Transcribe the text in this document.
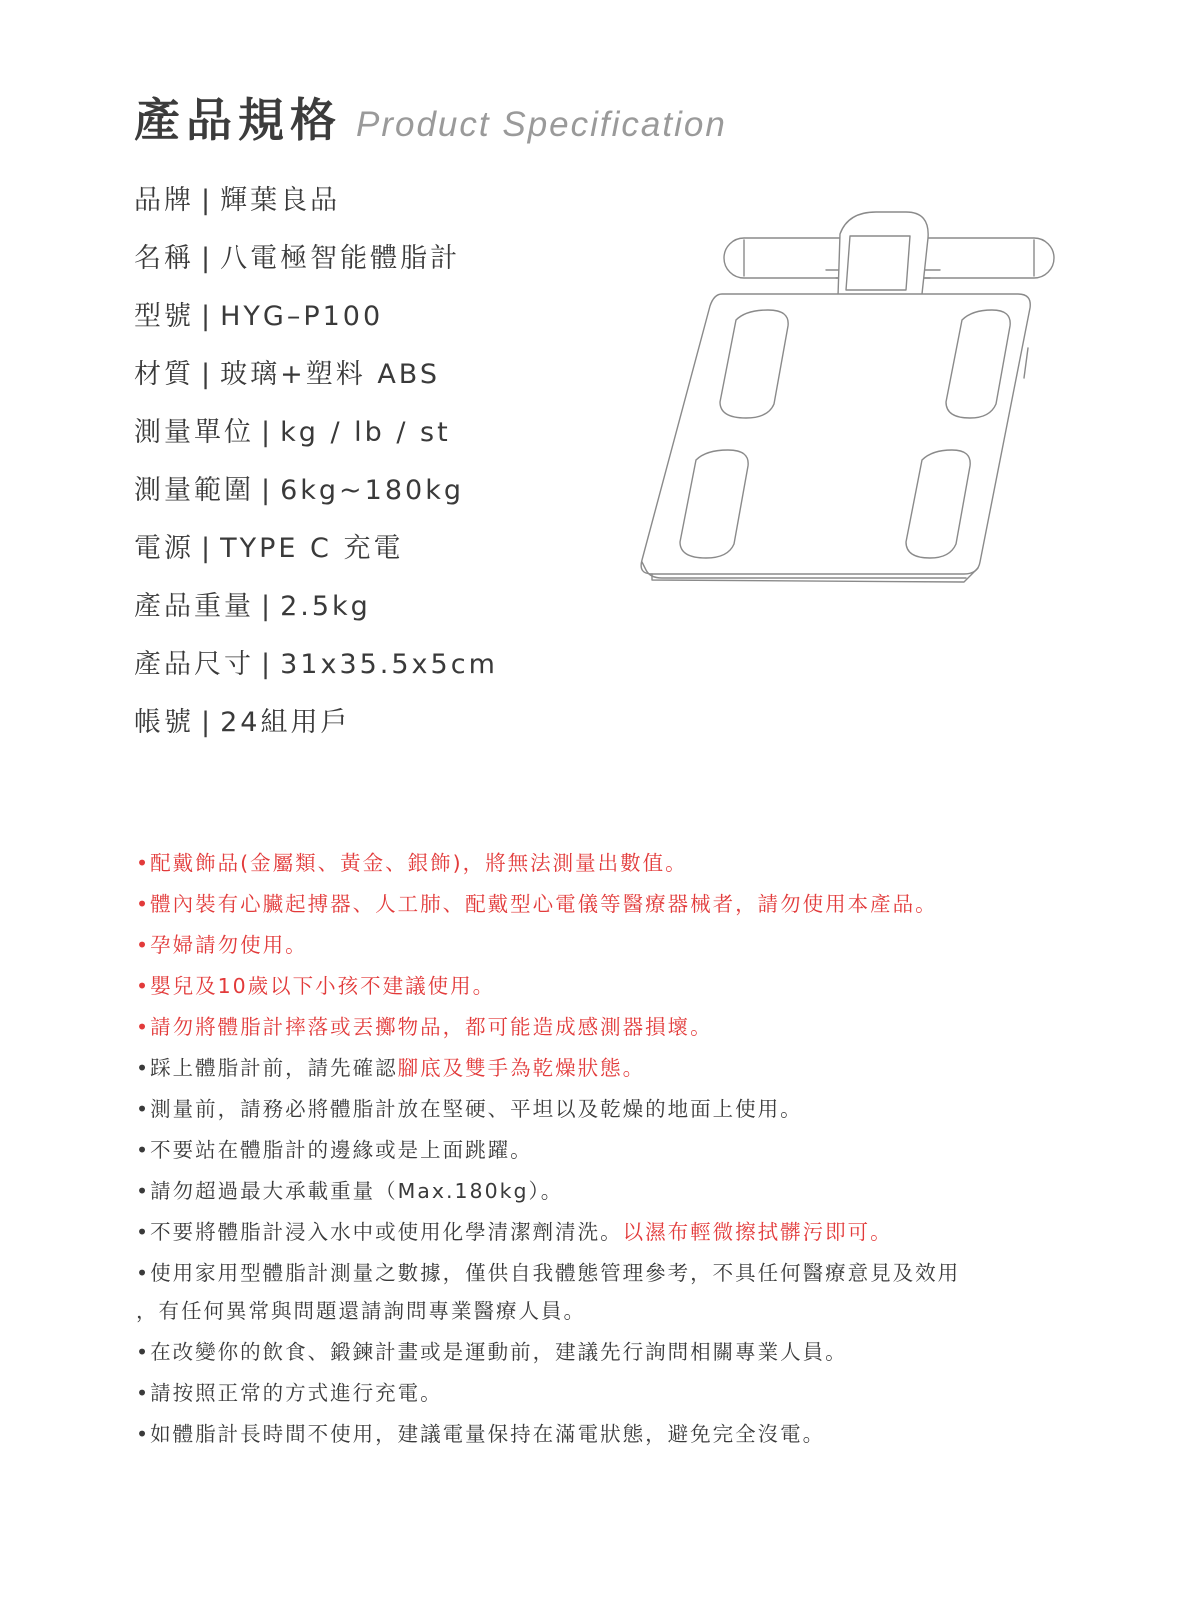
產品規格 Product Specification
品牌 | 輝葉良品
名稱 | 八電極智能體脂計
型號 | HYG–P100
材質 | 玻璃+塑料 ABS
測量單位 | kg / lb / st
測量範圍 | 6kg~180kg
電源 | TYPE C 充電
產品重量 | 2.5kg
產品尺寸 | 31x35.5x5cm
帳號 | 24組用戶
•配戴飾品(金屬類、黃金、銀飾)，將無法測量出數值。
•體內裝有心臟起搏器、人工肺、配戴型心電儀等醫療器械者，請勿使用本產品。
•孕婦請勿使用。
•嬰兒及10歲以下小孩不建議使用。
•請勿將體脂計摔落或丟擲物品，都可能造成感測器損壞。
•踩上體脂計前，請先確認腳底及雙手為乾燥狀態。
•測量前，請務必將體脂計放在堅硬、平坦以及乾燥的地面上使用。
•不要站在體脂計的邊緣或是上面跳躍。
•請勿超過最大承載重量（Max.180kg）。
•不要將體脂計浸入水中或使用化學清潔劑清洗。以濕布輕微擦拭髒污即可。
•使用家用型體脂計測量之數據，僅供自我體態管理參考，不具任何醫療意見及效用
，有任何異常與問題還請詢問專業醫療人員。
•在改變你的飲食、鍛鍊計畫或是運動前，建議先行詢問相關專業人員。
•請按照正常的方式進行充電。
•如體脂計長時間不使用，建議電量保持在滿電狀態，避免完全沒電。
